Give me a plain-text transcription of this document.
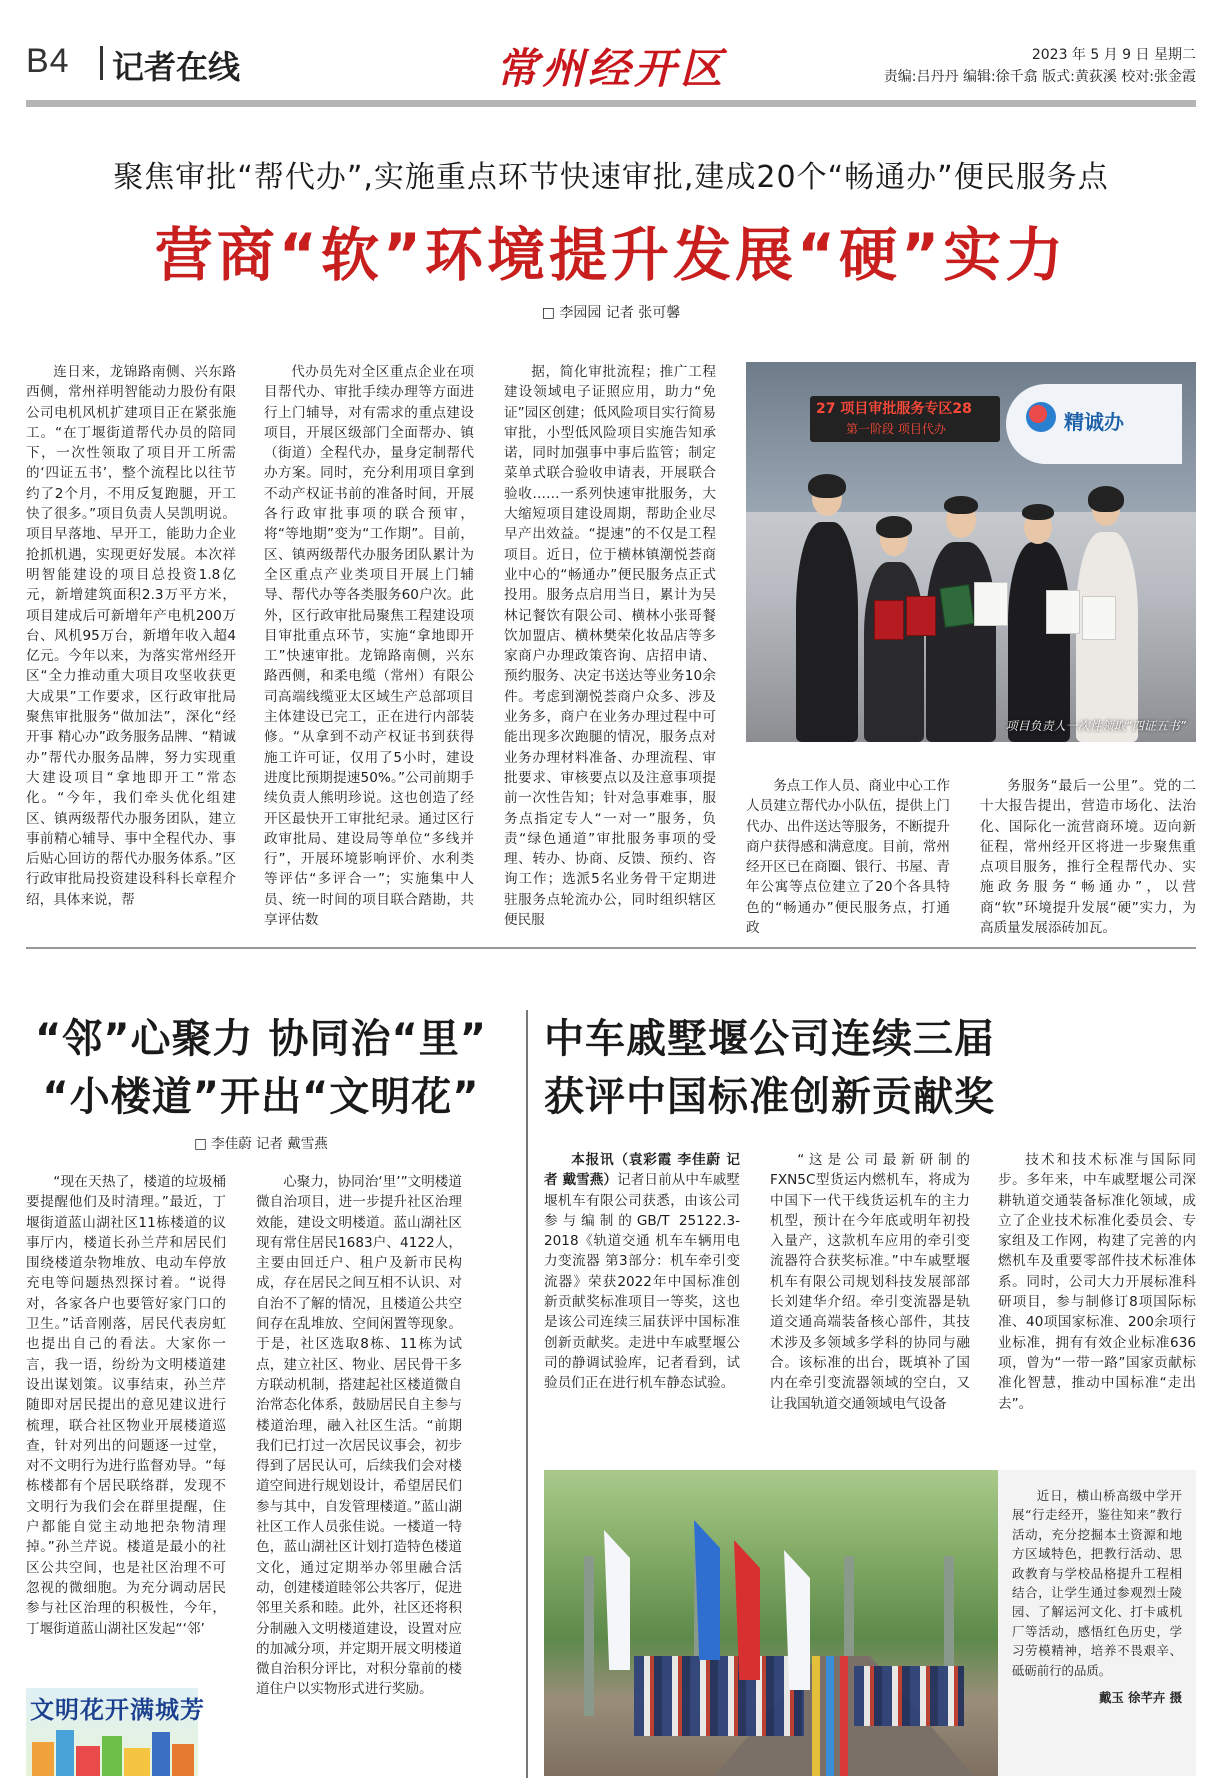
B4 记者在线	常州经开区	2023 年 5 月 9 日 星期二
责编:吕丹丹 编辑:徐千翕 版式:黄荻溪 校对:张金霞
聚焦审批“帮代办”,实施重点环节快速审批,建成20个“畅通办”便民服务点
营商“软”环境提升发展“硬”实力
□ 李园园 记者 张可馨

连日来，龙锦路南侧、兴东路西侧，常州祥明智能动力股份有限公司电机风机扩建项目正在紧张施工。“在丁堰街道帮代办员的陪同下，一次性领取了项目开工所需的‘四证五书’，整个流程比以往节约了2个月，不用反复跑腿，开工快了很多。”项目负责人吴凯明说。项目早落地、早开工，能助力企业抢抓机遇，实现更好发展。本次祥明智能建设的项目总投资1.8亿元，新增建筑面积2.3万平方米，项目建成后可新增年产电机200万台、风机95万台，新增年收入超4亿元。今年以来，为落实常州经开区“全力推动重大项目攻坚收获更大成果”工作要求，区行政审批局聚焦审批服务“做加法”，深化“经开事 精心办”政务服务品牌、“精诚办”帮代办服务品牌，努力实现重大建设项目“拿地即开工”常态化。“今年，我们牵头优化组建区、镇两级帮代办服务团队，建立事前精心辅导、事中全程代办、事后贴心回访的帮代办服务体系。”区行政审批局投资建设科科长章程介绍，具体来说，帮

代办员先对全区重点企业在项目帮代办、审批手续办理等方面进行上门辅导，对有需求的重点建设项目，开展区级部门全面帮办、镇（街道）全程代办，量身定制帮代办方案。同时，充分利用项目拿到不动产权证书前的准备时间，开展各行政审批事项的联合预审，将“等地期”变为“工作期”。目前，区、镇两级帮代办服务团队累计为全区重点产业类项目开展上门辅导、帮代办等各类服务60户次。此外，区行政审批局聚焦工程建设项目审批重点环节，实施“拿地即开工”快速审批。龙锦路南侧，兴东路西侧，和柔电缆（常州）有限公司高端线缆亚太区域生产总部项目主体建设已完工，正在进行内部装修。“从拿到不动产权证书到获得施工许可证，仅用了5小时，建设进度比预期提速50%。”公司前期手续负责人熊明珍说。这也创造了经开区最快开工审批纪录。通过区行政审批局、建设局等单位“多线并行”，开展环境影响评价、水利类等评估“多评合一”；实施集中人员、统一时间的项目联合踏勘，共享评估数

据，简化审批流程；推广工程建设领域电子证照应用，助力“免证”园区创建；低风险项目实行简易审批，小型低风险项目实施告知承诺，同时加强事中事后监管；制定菜单式联合验收申请表，开展联合验收……一系列快速审批服务，大大缩短项目建设周期，帮助企业尽早产出效益。“提速”的不仅是工程项目。近日，位于横林镇潮悦荟商业中心的“畅通办”便民服务点正式投用。服务点启用当日，累计为吴林记餐饮有限公司、横林小张哥餐饮加盟店、横林樊荣化妆品店等多家商户办理政策咨询、店招申请、预约服务、决定书送达等业务10余件。考虑到潮悦荟商户众多、涉及业务多，商户在业务办理过程中可能出现多次跑腿的情况，服务点对业务办理材料准备、办理流程、审批要求、审核要点以及注意事项提前一次性告知；针对急事难事，服务点指定专人“一对一”服务，负责“绿色通道”审批服务事项的受理、转办、协商、反馈、预约、咨询工作；选派5名业务骨干定期进驻服务点轮流办公，同时组织辖区便民服

27 项目审批服务专区28
第一阶段 项目代办	精诚办
项目负责人一次性领取“四证五书”

务点工作人员、商业中心工作人员建立帮代办小队伍，提供上门代办、出件送达等服务，不断提升商户获得感和满意度。目前，常州经开区已在商圈、银行、书屋、青年公寓等点位建立了20个各具特色的“畅通办”便民服务点，打通政

务服务“最后一公里”。党的二十大报告提出，营造市场化、法治化、国际化一流营商环境。迈向新征程，常州经开区将进一步聚焦重点项目服务，推行全程帮代办、实施政务服务“畅通办”，以营商“软”环境提升发展“硬”实力，为高质量发展添砖加瓦。

“邻”心聚力 协同治“里”
“小楼道”开出“文明花”
□ 李佳蔚 记者 戴雪燕

“现在天热了，楼道的垃圾桶要提醒他们及时清理。”最近，丁堰街道蓝山湖社区11栋楼道的议事厅内，楼道长孙兰芹和居民们围绕楼道杂物堆放、电动车停放充电等问题热烈探讨着。“说得对，各家各户也要管好家门口的卫生。”话音刚落，居民代表房虹也提出自己的看法。大家你一言，我一语，纷纷为文明楼道建设出谋划策。议事结束，孙兰芹随即对居民提出的意见建议进行梳理，联合社区物业开展楼道巡查，针对列出的问题逐一过堂，对不文明行为进行监督劝导。“每栋楼都有个居民联络群，发现不文明行为我们会在群里提醒，住户都能自觉主动地把杂物清理掉。”孙兰芹说。楼道是最小的社区公共空间，也是社区治理不可忽视的微细胞。为充分调动居民参与社区治理的积极性，今年，丁堰街道蓝山湖社区发起“‘邻’

心聚力，协同治‘里’”文明楼道微自治项目，进一步提升社区治理效能，建设文明楼道。蓝山湖社区现有常住居民1683户、4122人，主要由回迁户、租户及新市民构成，存在居民之间互相不认识、对自治不了解的情况，且楼道公共空间存在乱堆放、空间闲置等现象。于是，社区选取8栋、11栋为试点，建立社区、物业、居民骨干多方联动机制，搭建起社区楼道微自治常态化体系，鼓励居民自主参与楼道治理，融入社区生活。“前期我们已打过一次居民议事会，初步得到了居民认可，后续我们会对楼道空间进行规划设计，希望居民们参与其中，自发管理楼道。”蓝山湖社区工作人员张佳说。一楼道一特色，蓝山湖社区计划打造特色楼道文化，通过定期举办邻里融合活动，创建楼道睦邻公共客厅，促进邻里关系和睦。此外，社区还将积分制融入文明楼道建设，设置对应的加减分项，并定期开展文明楼道微自治积分评比，对积分靠前的楼道住户以实物形式进行奖励。

文明花开满城芳
中车戚墅堰公司连续三届
获评中国标准创新贡献奖

本报讯（袁彩霞 李佳蔚 记者 戴雪燕）记者日前从中车戚墅堰机车有限公司获悉，由该公司参与编制的GB/T 25122.3-2018《轨道交通 机车车辆用电力变流器 第3部分：机车牵引变流器》荣获2022年中国标准创新贡献奖标准项目一等奖，这也是该公司连续三届获评中国标准创新贡献奖。走进中车戚墅堰公司的静调试验库，记者看到，试验员们正在进行机车静态试验。

“这是公司最新研制的FXN5C型货运内燃机车，将成为中国下一代干线货运机车的主力机型，预计在今年底或明年初投入量产，这款机车应用的牵引变流器符合获奖标准。”中车戚墅堰机车有限公司规划科技发展部部长刘建华介绍。牵引变流器是轨道交通高端装备核心部件，其技术涉及多领域多学科的协同与融合。该标准的出台，既填补了国内在牵引变流器领域的空白，又让我国轨道交通领域电气设备

技术和技术标准与国际同步。多年来，中车戚墅堰公司深耕轨道交通装备标准化领域，成立了企业技术标准化委员会、专家组及工作网，构建了完善的内燃机车及重要零部件技术标准体系。同时，公司大力开展标准科研项目，参与制修订8项国际标准、40项国家标准、200余项行业标准，拥有有效企业标准636项，曾为“一带一路”国家贡献标准化智慧，推动中国标准“走出去”。

近日，横山桥高级中学开展“行走经开，鉴往知来”教行活动，充分挖掘本土资源和地方区域特色，把教行活动、思政教育与学校品格提升工程相结合，让学生通过参观烈士陵园、了解运河文化、打卡戚机厂等活动，感悟红色历史，学习劳模精神，培养不畏艰辛、砥砺前行的品质。
戴玉 徐芊卉 摄
